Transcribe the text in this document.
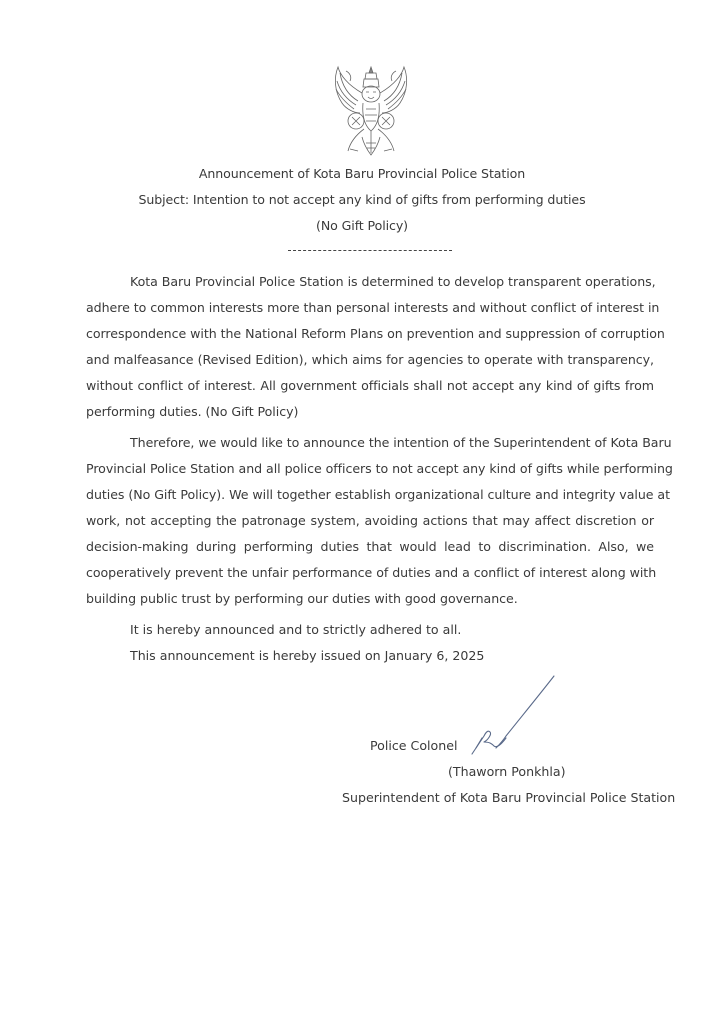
Announcement of Kota Baru Provincial Police Station
Subject: Intention to not accept any kind of gifts from performing duties
(No Gift Policy)
Kota Baru Provincial Police Station is determined to develop transparent operations,
adhere to common interests more than personal interests and without conflict of interest in
correspondence with the National Reform Plans on prevention and suppression of corruption
and malfeasance (Revised Edition), which aims for agencies to operate with transparency,
without conflict of interest. All government officials shall not accept any kind of gifts from
performing duties. (No Gift Policy)
Therefore, we would like to announce the intention of the Superintendent of Kota Baru
Provincial Police Station and all police officers to not accept any kind of gifts while performing
duties (No Gift Policy). We will together establish organizational culture and integrity value at
work, not accepting the patronage system, avoiding actions that may affect discretion or
decision-making during performing duties that would lead to discrimination. Also, we
cooperatively prevent the unfair performance of duties and a conflict of interest along with
building public trust by performing our duties with good governance.
It is hereby announced and to strictly adhered to all.
This announcement is hereby issued on January 6, 2025
Police Colonel
(Thaworn Ponkhla)
Superintendent of Kota Baru Provincial Police Station
